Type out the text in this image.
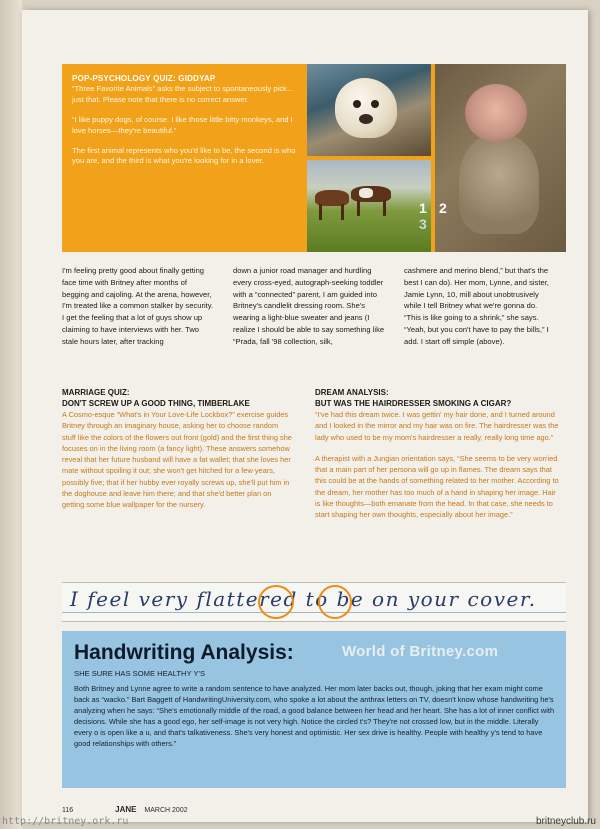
POP-PSYCHOLOGY QUIZ: GIDDYAP

“Three Favorite Animals” asks the subject to spontaneously pick…just that. Please note that there is no correct answer.

“I like puppy dogs, of course. I like those little bitty monkeys, and I love horses—they're beautiful.”

The first animal represents who you'd like to be, the second is who you are, and the third is what you're looking for in a lover.

1 2
3
I'm feeling pretty good about finally getting face time with Britney after months of begging and cajoling. At the arena, however, I'm treated like a common stalker by security. I get the feeling that a lot of guys show up claiming to have interviews with her. Two stale hours later, after tracking
down a junior road manager and hurdling every cross-eyed, autograph-seeking toddler with a “connected” parent, I am guided into Britney's candlelit dressing room. She's wearing a light-blue sweater and jeans (I realize I should be able to say something like “Prada, fall '98 collection, silk,
cashmere and merino blend,” but that's the best I can do). Her mom, Lynne, and sister, Jamie Lynn, 10, mill about unobtrusively while I tell Britney what we're gonna do. “This is like going to a shrink,” she says. “Yeah, but you con't have to pay the bills,” I add. I start off simple (above).
MARRIAGE QUIZ:
DON'T SCREW UP A GOOD THING, TIMBERLAKE

A Cosmo-esque “What's in Your Love-Life Lockbox?” exercise guides Britney through an imaginary house, asking her to choose random stuff like the colors of the flowers out front (gold) and the first thing she focuses on in the living room (a fancy light). These answers somehow reveal that her future husband will have a fat wallet; that she loves her mate without spoiling it out; she won't get hitched for a few years, possibly five; that if her hubby ever royally screws up, she'll put him in the doghouse and leave him there; and that she'd better plan on getting some blue wallpaper for the nursery.

DREAM ANALYSIS:
BUT WAS THE HAIRDRESSER SMOKING A CIGAR?

“I've had this dream twice. I was gettin' my hair done, and I turned around and I looked in the mirror and my hair was on fire. The hairdresser was the lady who used to be my mom's hairdresser a really, really long time ago.”

A therapist with a Jungian orientation says, “She seems to be very worried that a main part of her persona will go up in flames. The dream says that this could be at the hands of something related to her mother. According to the dream, her mother has too much of a hand in shaping her image. Hair is like thoughts—both emanate from the head. In that case, she needs to start shaping her own thoughts, especially about her image.”

I feel very flattered to be on your cover.
Handwriting Analysis:	World of Britney.com
SHE SURE HAS SOME HEALTHY Y'S
Both Britney and Lynne agree to write a random sentence to have analyzed. Her mom later backs out, though, joking that her exam might come back as “wacko.” Bart Baggett of HandwritingUniversity.com, who spoke a lot about the anthrax letters on TV, doesn't know whose handwriting he's analyzing when he says: “She's emotionally middle of the road, a good balance between her head and her heart. She has a lot of inner conflict with decisions. While she has a good ego, her self-image is not very high. Notice the circled t's? They're not crossed low, but in the middle. Literally every o is open like a u, and that's talkativeness. She's very honest and optimistic. Her sex drive is healthy. People with healthy y's tend to have good relationships with others.”
116	JANE MARCH 2002
http://britney.ork.ru	britneyclub.ru
